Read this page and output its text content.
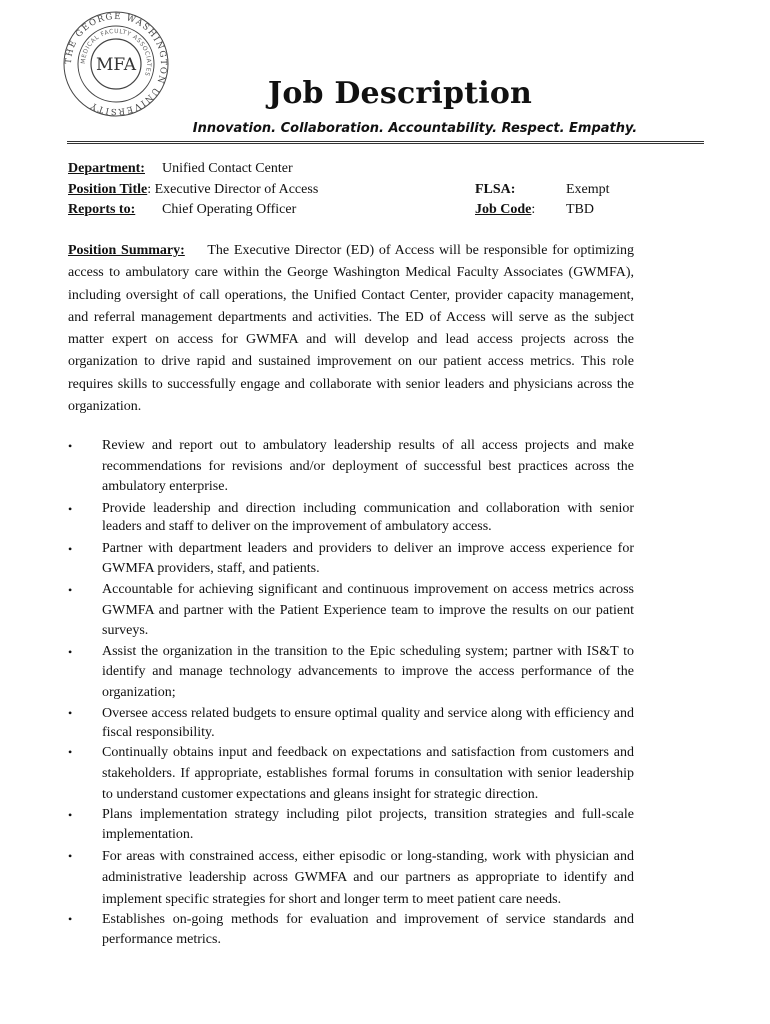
THE GEORGE WASHINGTON UNIVERSITY
MEDICAL FACULTY ASSOCIATES
MFA
Job Description
Innovation. Collaboration. Accountability. Respect. Empathy.
Department: Unified Contact Center
Position Title: Executive Director of Access
Reports to: Chief Operating Officer
FLSA:	Exempt
Job Code: TBD
Position Summary: The Executive Director (ED) of Access will be responsible for optimizing access to ambulatory care within the George Washington Medical Faculty Associates (GWMFA), including oversight of call operations, the Unified Contact Center, provider capacity management, and referral management departments and activities. The ED of Access will serve as the subject matter expert on access for GWMFA and will develop and lead access projects across the organization to drive rapid and sustained improvement on our patient access metrics. This role requires skills to successfully engage and collaborate with senior leaders and physicians across the organization.
• Review and report out to ambulatory leadership results of all access projects and make recommendations for revisions and/or deployment of successful best practices across the ambulatory enterprise.
• Provide leadership and direction including communication and collaboration with senior leaders and staff to deliver on the improvement of ambulatory access.
• Partner with department leaders and providers to deliver an improve access experience for GWMFA providers, staff, and patients.
• Accountable for achieving significant and continuous improvement on access metrics across GWMFA and partner with the Patient Experience team to improve the results on our patient surveys.
• Assist the organization in the transition to the Epic scheduling system; partner with IS&T to identify and manage technology advancements to improve the access performance of the organization;
• Oversee access related budgets to ensure optimal quality and service along with efficiency and fiscal responsibility.
• Continually obtains input and feedback on expectations and satisfaction from customers and stakeholders. If appropriate, establishes formal forums in consultation with senior leadership to understand customer expectations and gleans insight for strategic direction.
• Plans implementation strategy including pilot projects, transition strategies and full-scale implementation.
• For areas with constrained access, either episodic or long-standing, work with physician and administrative leadership across GWMFA and our partners as appropriate to identify and implement specific strategies for short and longer term to meet patient care needs.
• Establishes on-going methods for evaluation and improvement of service standards and performance metrics.
